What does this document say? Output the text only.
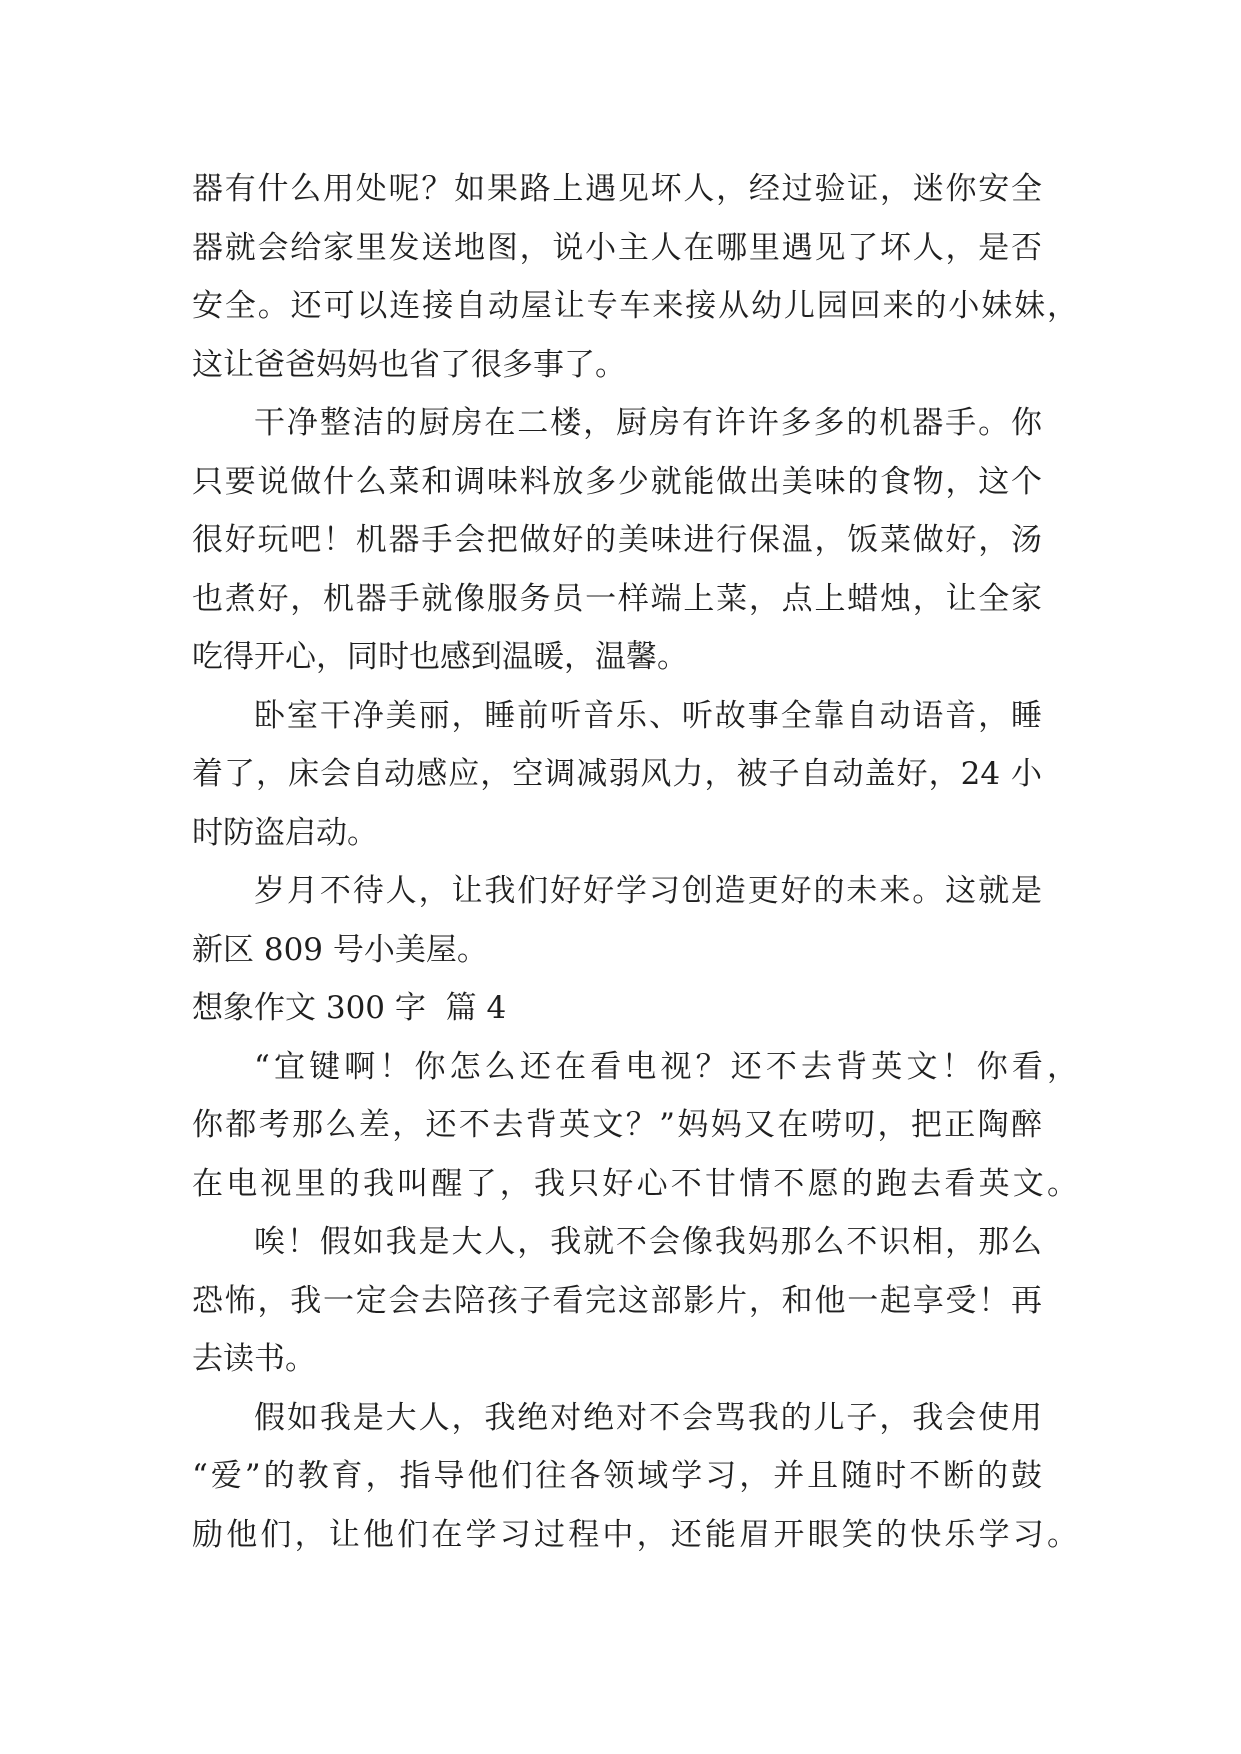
器有什么用处呢？如果路上遇见坏人，经过验证，迷你安全
器就会给家里发送地图，说小主人在哪里遇见了坏人，是否
安全。还可以连接自动屋让专车来接从幼儿园回来的小妹妹，
这让爸爸妈妈也省了很多事了。
干净整洁的厨房在二楼，厨房有许许多多的机器手。你
只要说做什么菜和调味料放多少就能做出美味的食物，这个
很好玩吧！机器手会把做好的美味进行保温，饭菜做好，汤
也煮好，机器手就像服务员一样端上菜，点上蜡烛，让全家
吃得开心，同时也感到温暖，温馨。
卧室干净美丽，睡前听音乐、听故事全靠自动语音，睡
着了，床会自动感应，空调减弱风力，被子自动盖好，24 小
时防盗启动。
岁月不待人，让我们好好学习创造更好的未来。这就是
新区 809 号小美屋。
想象作文 300 字  篇 4
“宜键啊！你怎么还在看电视？还不去背英文！你看，
你都考那么差，还不去背英文？”妈妈又在唠叨，把正陶醉
在电视里的我叫醒了，我只好心不甘情不愿的跑去看英文。
唉！假如我是大人，我就不会像我妈那么不识相，那么
恐怖，我一定会去陪孩子看完这部影片，和他一起享受！再
去读书。
假如我是大人，我绝对绝对不会骂我的儿子，我会使用
“爱”的教育，指导他们往各领域学习，并且随时不断的鼓
励他们，让他们在学习过程中，还能眉开眼笑的快乐学习。
